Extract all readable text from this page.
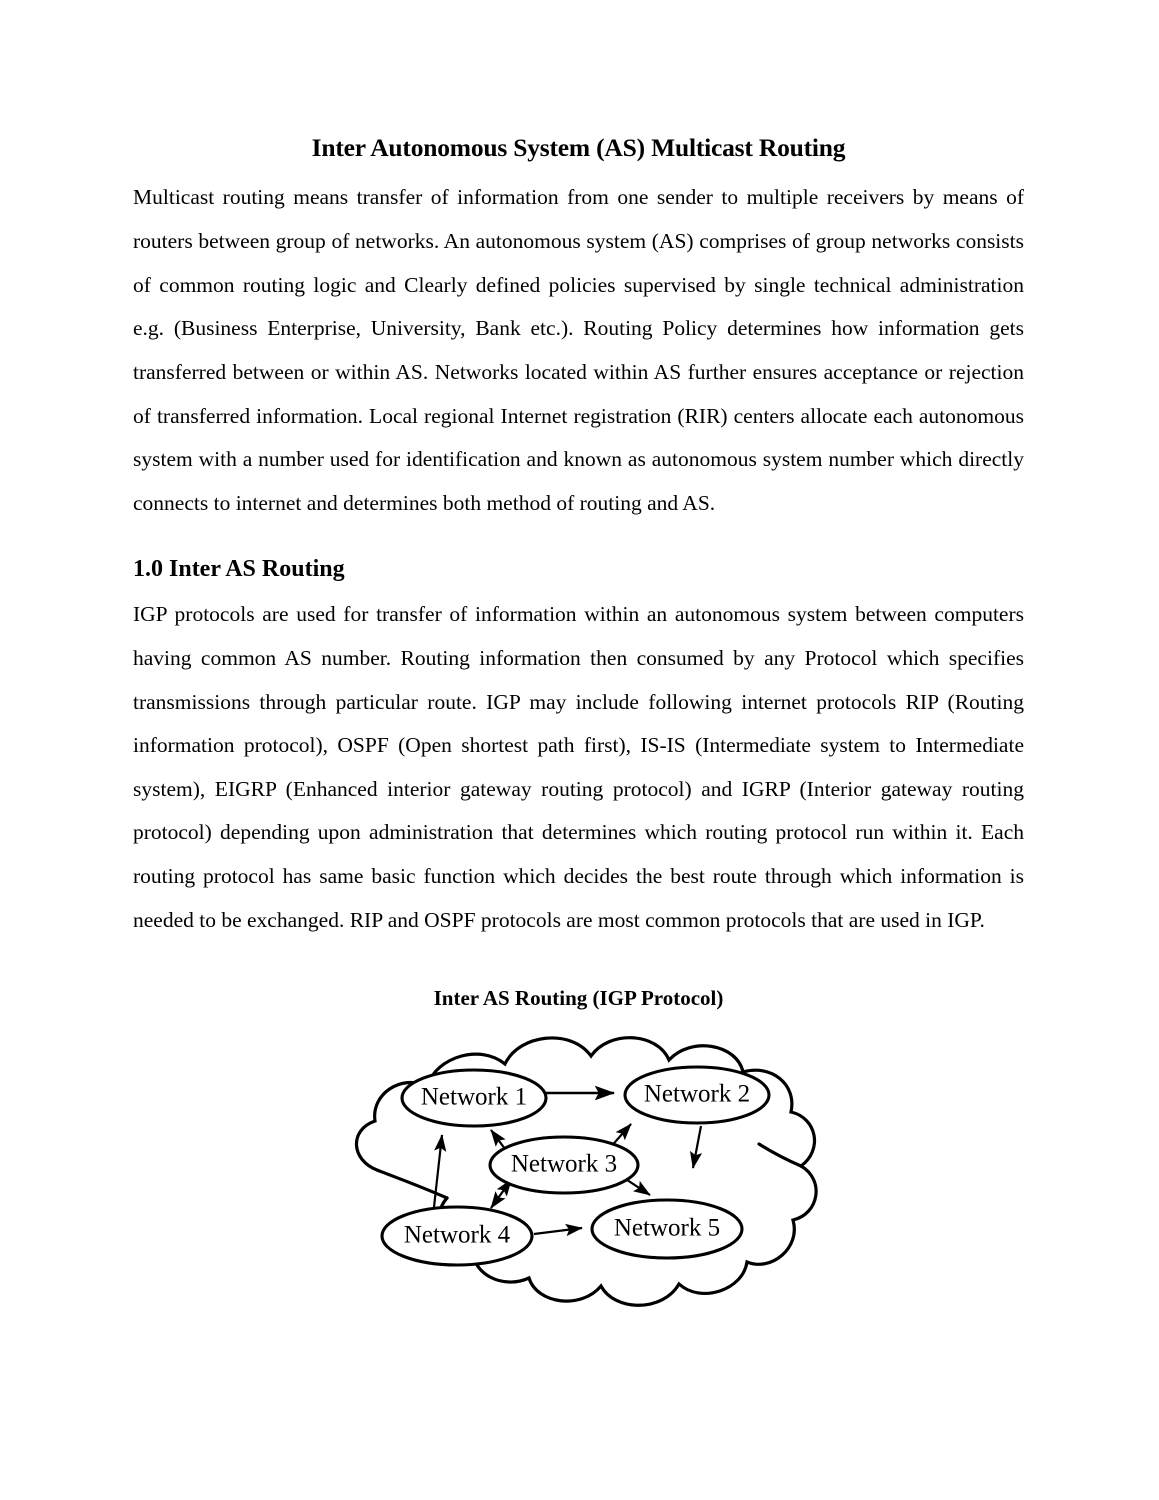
Inter Autonomous System (AS) Multicast Routing

Multicast routing means transfer of information from one sender to multiple receivers by means of routers between group of networks. An autonomous system (AS) comprises of group networks consists of common routing logic and Clearly defined policies supervised by single technical administration e.g. (Business Enterprise, University, Bank etc.). Routing Policy determines how information gets transferred between or within AS. Networks located within AS further ensures acceptance or rejection of transferred information. Local regional Internet registration (RIR) centers allocate each autonomous system with a number used for identification and known as autonomous system number which directly connects to internet and determines both method of routing and AS.

1.0 Inter AS Routing

IGP protocols are used for transfer of information within an autonomous system between computers having common AS number. Routing information then consumed by any Protocol which specifies transmissions through particular route. IGP may include following internet protocols RIP (Routing information protocol), OSPF (Open shortest path first), IS-IS (Intermediate system to Intermediate system), EIGRP (Enhanced interior gateway routing protocol) and IGRP (Interior gateway routing protocol) depending upon administration that determines which routing protocol run within it. Each routing protocol has same basic function which decides the best route through which information is needed to be exchanged. RIP and OSPF protocols are most common protocols that are used in IGP.

Inter AS Routing (IGP Protocol)
Network 1	Network 2
Network 3
Network 4	Network 5
